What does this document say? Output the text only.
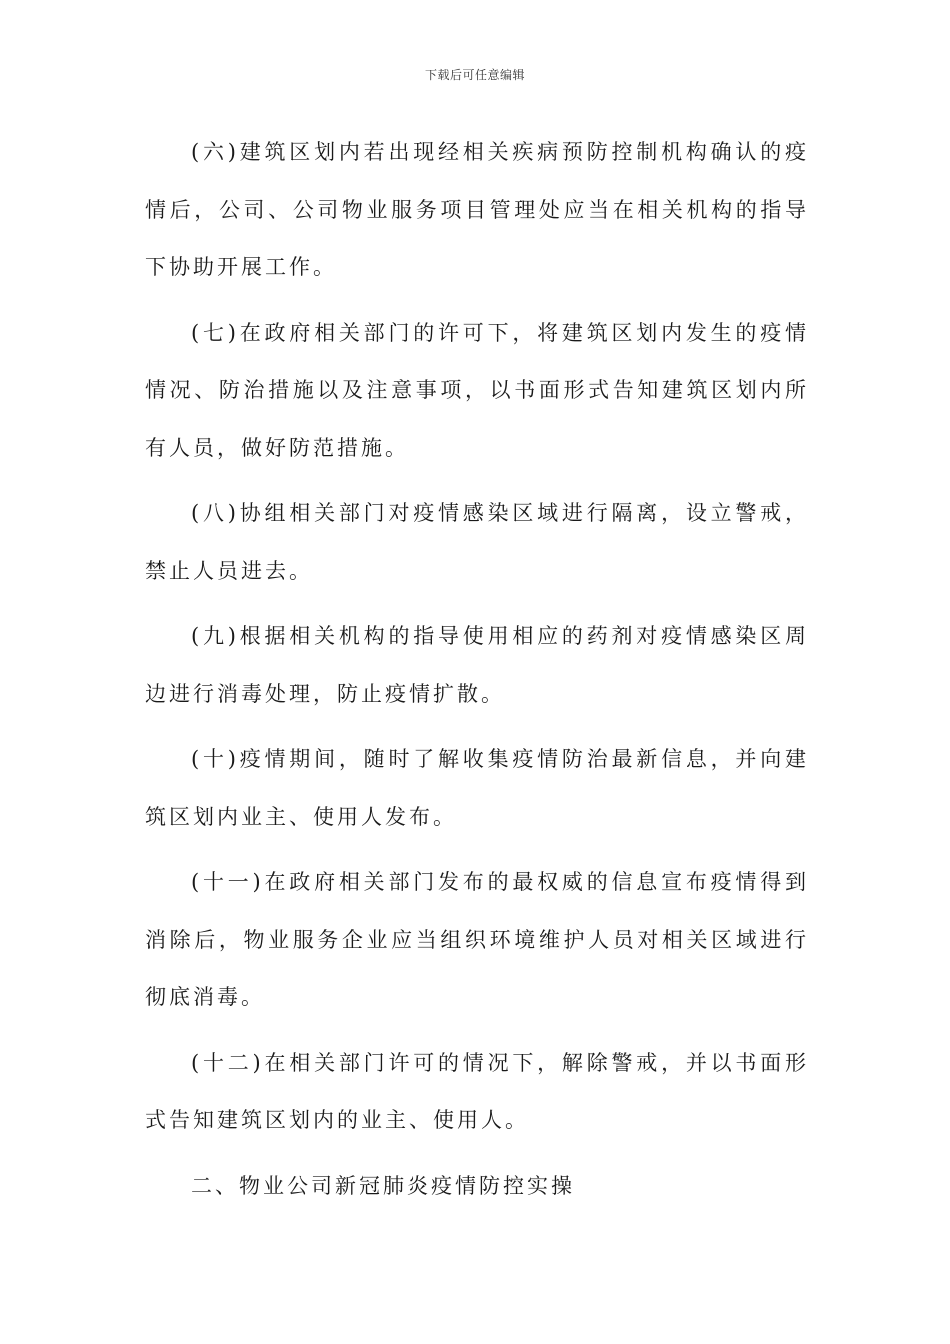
下载后可任意编辑

(六)建筑区划内若出现经相关疾病预防控制机构确认的疫情后，公司、公司物业服务项目管理处应当在相关机构的指导下协助开展工作。

(七)在政府相关部门的许可下，将建筑区划内发生的疫情情况、防治措施以及注意事项，以书面形式告知建筑区划内所有人员，做好防范措施。

(八)协组相关部门对疫情感染区域进行隔离，设立警戒，禁止人员进去。

(九)根据相关机构的指导使用相应的药剂对疫情感染区周边进行消毒处理，防止疫情扩散。

(十)疫情期间，随时了解收集疫情防治最新信息，并向建筑区划内业主、使用人发布。

(十一)在政府相关部门发布的最权威的信息宣布疫情得到消除后，物业服务企业应当组织环境维护人员对相关区域进行彻底消毒。

(十二)在相关部门许可的情况下，解除警戒，并以书面形式告知建筑区划内的业主、使用人。

二、物业公司新冠肺炎疫情防控实操
